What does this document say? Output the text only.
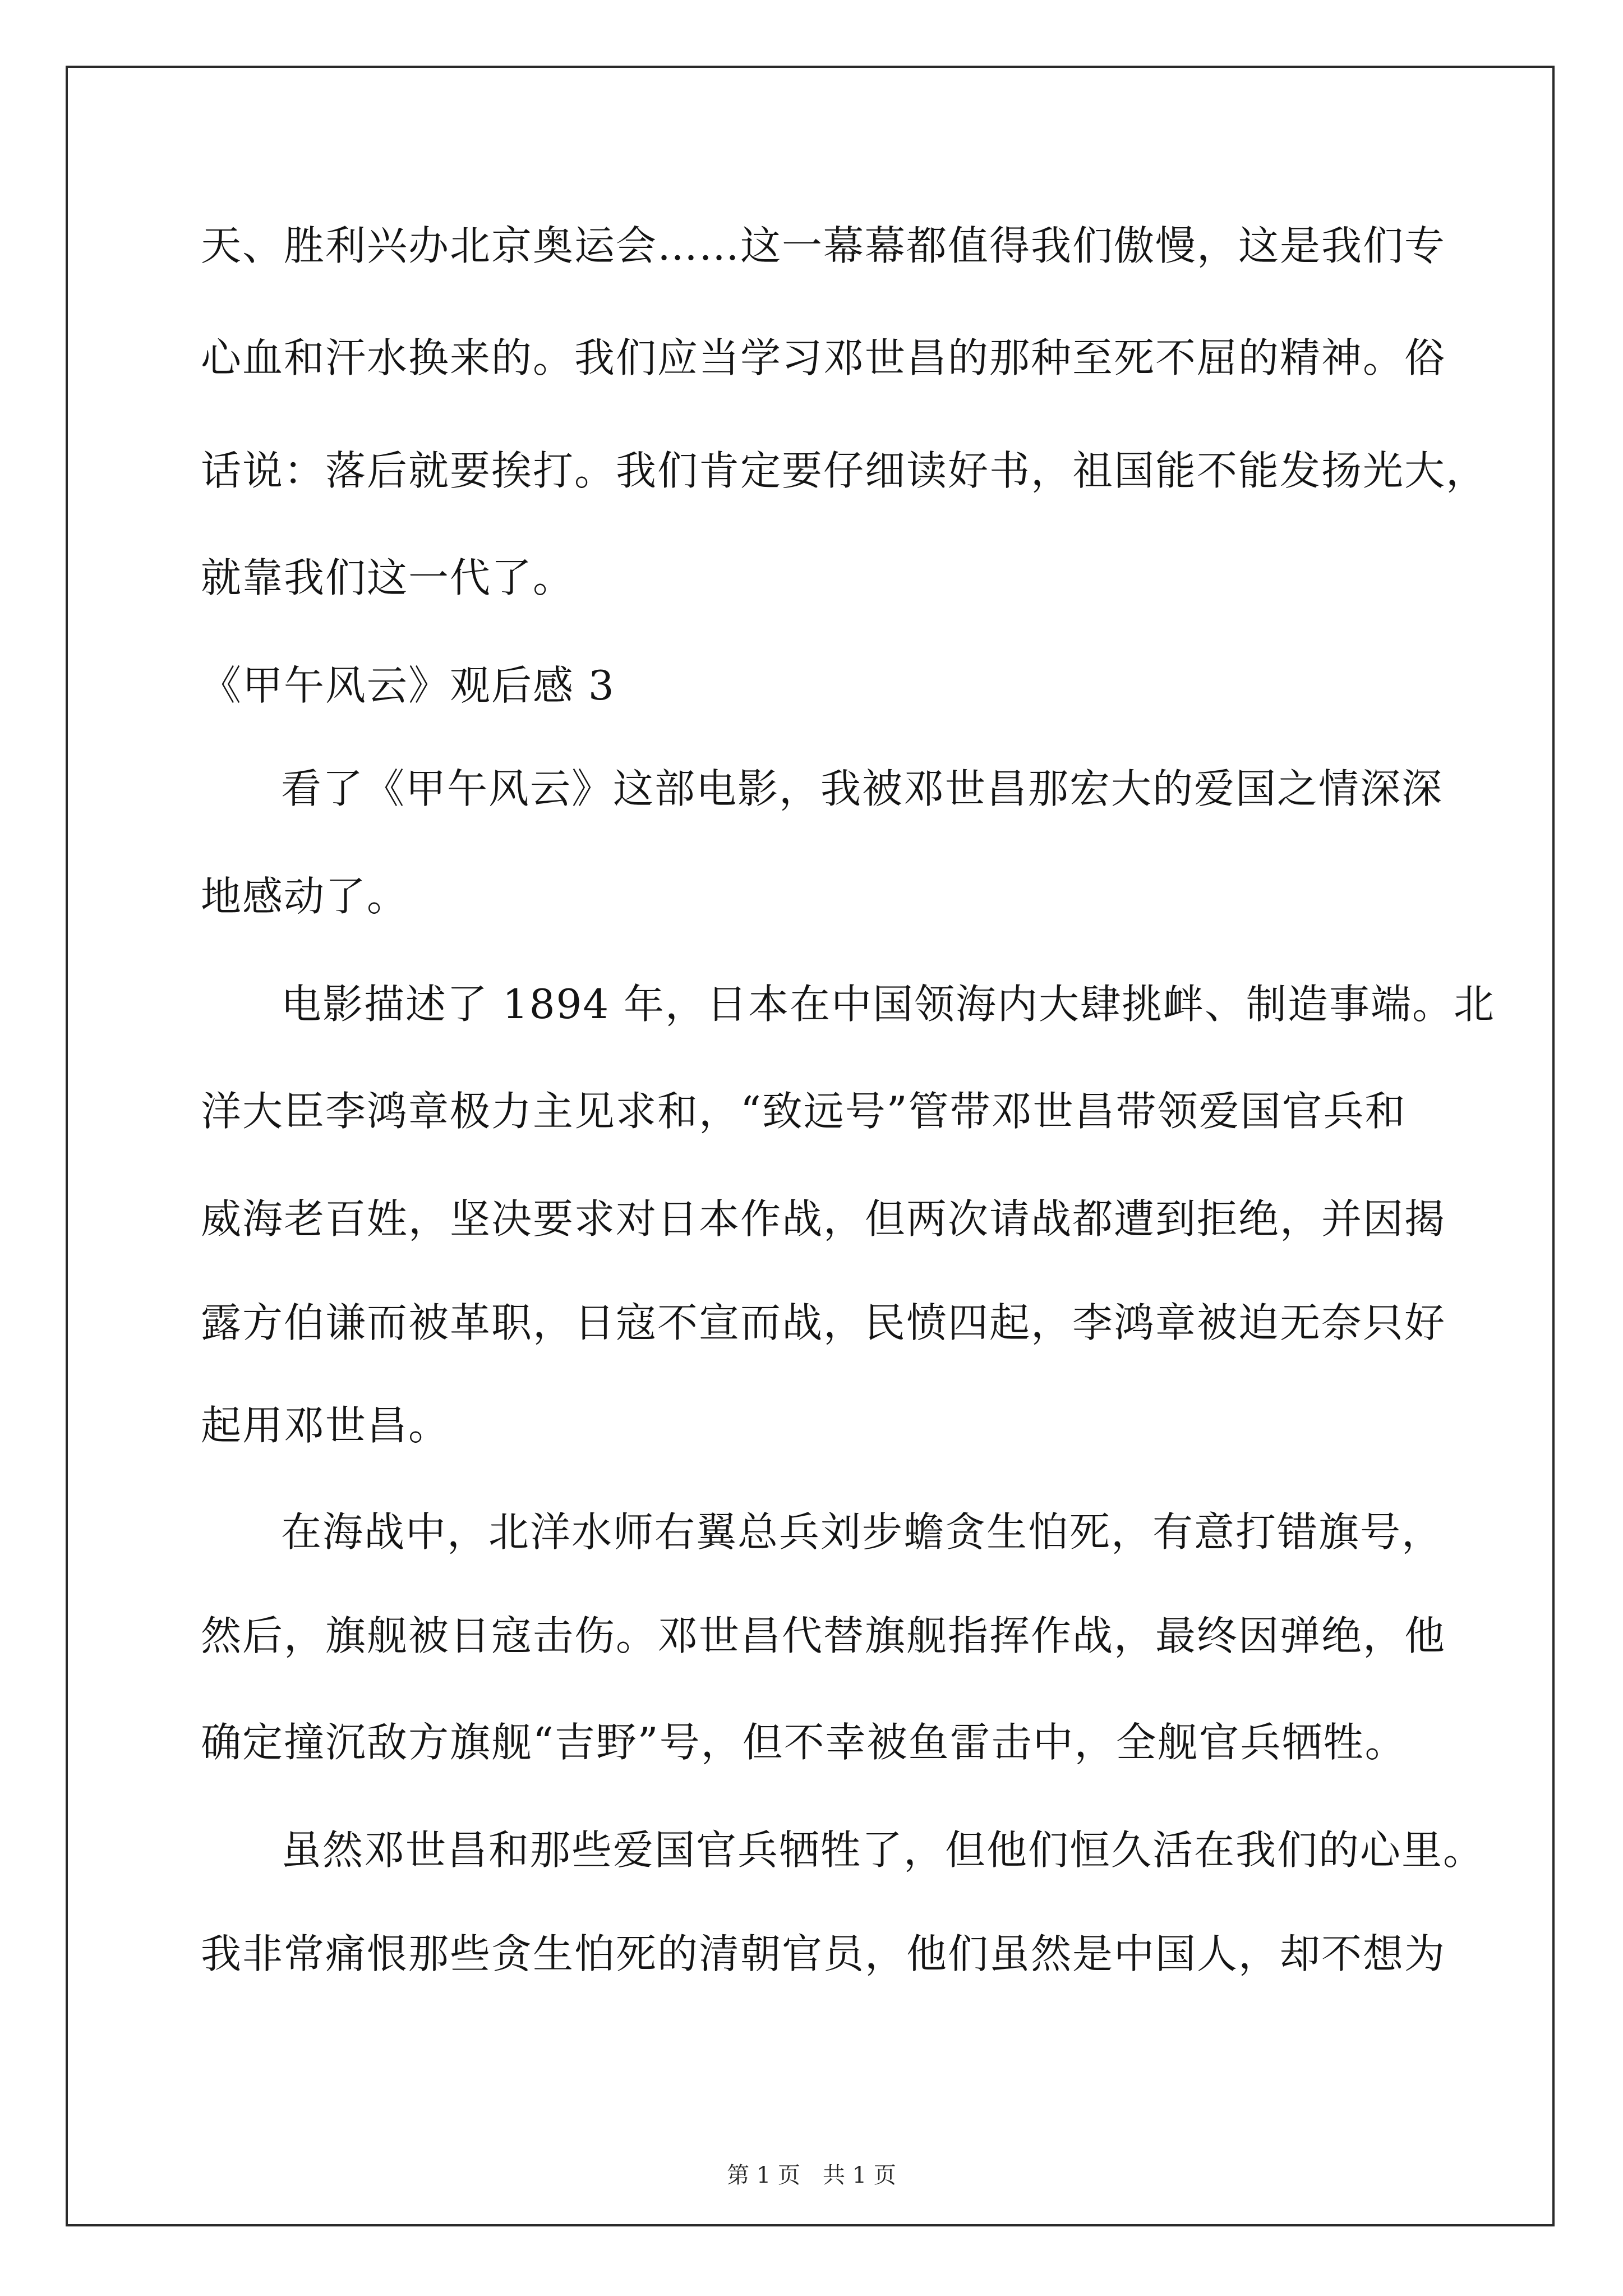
天、胜利兴办北京奥运会……这一幕幕都值得我们傲慢，这是我们专
心血和汗水换来的。我们应当学习邓世昌的那种至死不屈的精神。俗
话说：落后就要挨打。我们肯定要仔细读好书，祖国能不能发扬光大，
就靠我们这一代了。
《甲午风云》观后感 3
看了《甲午风云》这部电影，我被邓世昌那宏大的爱国之情深深
地感动了。
电影描述了 1894 年，日本在中国领海内大肆挑衅、制造事端。北
洋大臣李鸿章极力主见求和，“致远号”管带邓世昌带领爱国官兵和
威海老百姓，坚决要求对日本作战，但两次请战都遭到拒绝，并因揭
露方伯谦而被革职，日寇不宣而战，民愤四起，李鸿章被迫无奈只好
起用邓世昌。
在海战中，北洋水师右翼总兵刘步蟾贪生怕死，有意打错旗号，
然后，旗舰被日寇击伤。邓世昌代替旗舰指挥作战，最终因弹绝，他
确定撞沉敌方旗舰“吉野”号，但不幸被鱼雷击中，全舰官兵牺牲。
虽然邓世昌和那些爱国官兵牺牲了，但他们恒久活在我们的心里。
我非常痛恨那些贪生怕死的清朝官员，他们虽然是中国人，却不想为
第 1 页 共 1 页
